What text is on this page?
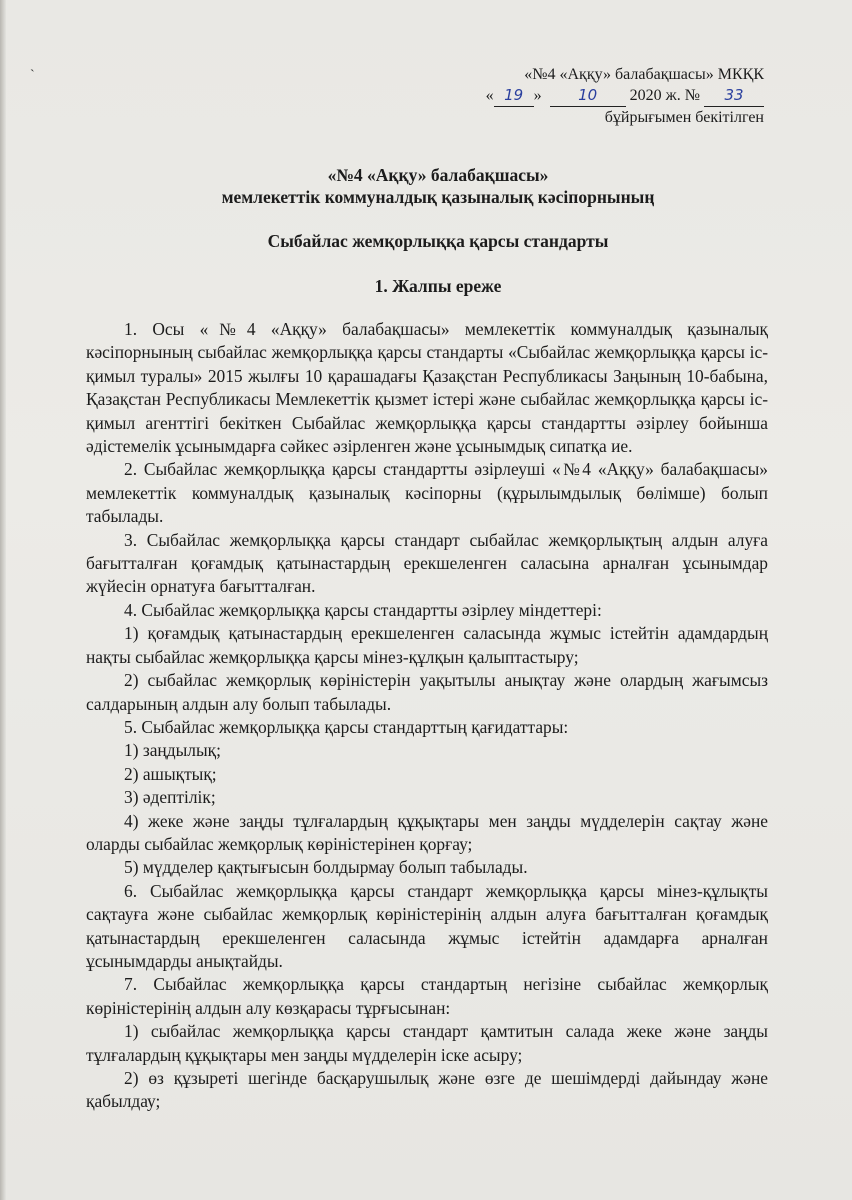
`	«№4 «Аққу» балабақшасы» МКҚК
« 19 » 10 2020 ж. № 33
бұйрығымен бекітілген
«№4 «Аққу» балабақшасы»
мемлекеттік коммуналдық қазыналық кәсіпорнының
Сыбайлас жемқорлыққа қарсы стандарты
1. Жалпы ереже

1. Осы «№4 «Аққу» балабақшасы» мемлекеттік коммуналдық қазыналық кәсіпорнының сыбайлас жемқорлыққа қарсы стандарты «Сыбайлас жемқорлыққа қарсы іс-қимыл туралы» 2015 жылғы 10 қарашадағы Қазақстан Республикасы Заңының 10-бабына, Қазақстан Республикасы Мемлекеттік қызмет істері және сыбайлас жемқорлыққа қарсы іс-қимыл агенттігі бекіткен Сыбайлас жемқорлыққа қарсы стандартты әзірлеу бойынша әдістемелік ұсынымдарға сәйкес әзірленген және ұсынымдық сипатқа ие.

2. Сыбайлас жемқорлыққа қарсы стандартты әзірлеуші «№4 «Аққу» балабақшасы» мемлекеттік коммуналдық қазыналық кәсіпорны (құрылымдылық бөлімше) болып табылады.

3. Сыбайлас жемқорлыққа қарсы стандарт сыбайлас жемқорлықтың алдын алуға бағытталған қоғамдық қатынастардың ерекшеленген саласына арналған ұсынымдар жүйесін орнатуға бағытталған.

4. Сыбайлас жемқорлыққа қарсы стандартты әзірлеу міндеттері:

1) қоғамдық қатынастардың ерекшеленген саласында жұмыс істейтін адамдардың нақты сыбайлас жемқорлыққа қарсы мінез-құлқын қалыптастыру;

2) сыбайлас жемқорлық көріністерін уақытылы анықтау және олардың жағымсыз салдарының алдын алу болып табылады.

5. Сыбайлас жемқорлыққа қарсы стандарттың қағидаттары:

1) заңдылық;

2) ашықтық;

3) әдептілік;

4) жеке және заңды тұлғалардың құқықтары мен заңды мүдделерін сақтау және оларды сыбайлас жемқорлық көріністерінен қорғау;

5) мүдделер қақтығысын болдырмау болып табылады.

6. Сыбайлас жемқорлыққа қарсы стандарт жемқорлыққа қарсы мінез-құлықты сақтауға және сыбайлас жемқорлық көріністерінің алдын алуға бағытталған қоғамдық қатынастардың ерекшеленген саласында жұмыс істейтін адамдарға арналған ұсынымдарды анықтайды.

7. Сыбайлас жемқорлыққа қарсы стандартың негізіне сыбайлас жемқорлық көріністерінің алдын алу көзқарасы тұрғысынан:

1) сыбайлас жемқорлыққа қарсы стандарт қамтитын салада жеке және заңды тұлғалардың құқықтары мен заңды мүдделерін іске асыру;

2) өз құзыреті шегінде басқарушылық және өзге де шешімдерді дайындау және қабылдау;
